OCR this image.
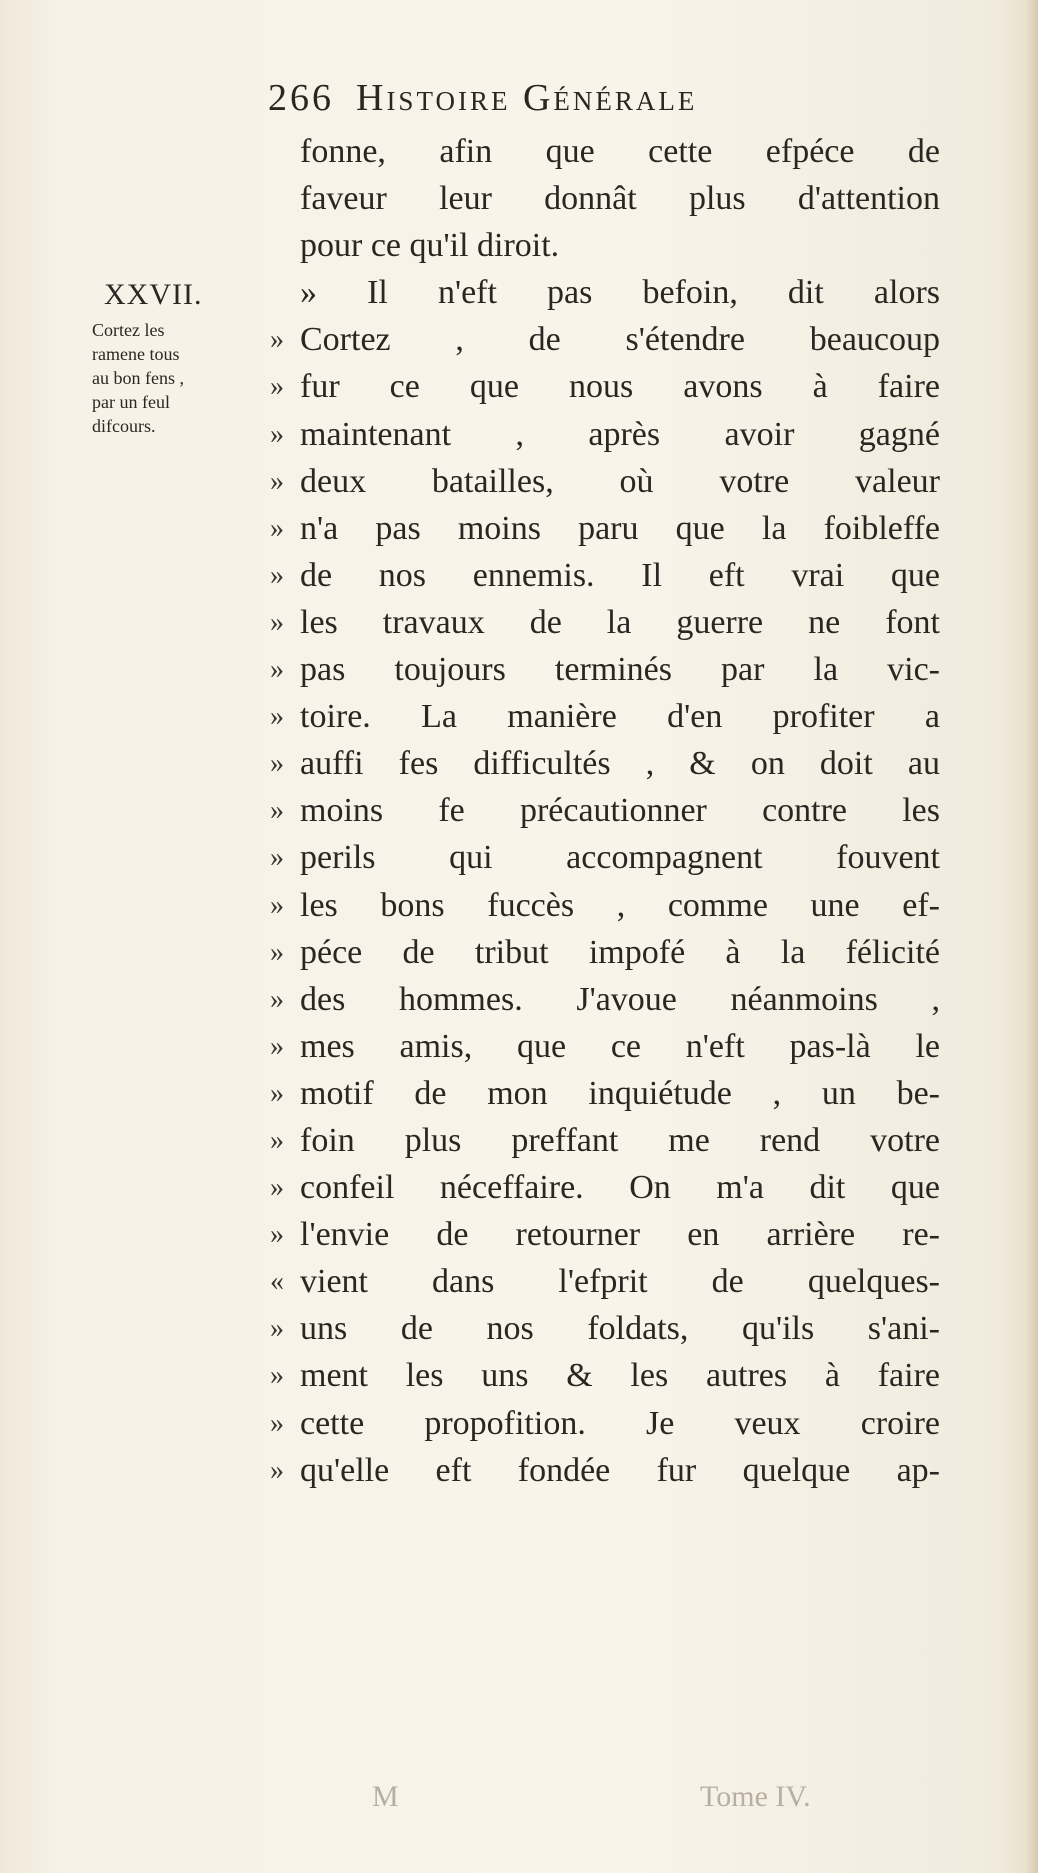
266 Histoire Générale
XXVII.
Cortez les
ramene tous
au bon fens ,
par un feul
difcours.
fonne, afin que cette efpéce de
faveur leur donnât plus d'attention
pour ce qu'il diroit.
» Il n'eft pas befoin, dit alors
» Cortez , de s'étendre beaucoup
» fur ce que nous avons à faire
» maintenant , après avoir gagné
» deux batailles, où votre valeur
» n'a pas moins paru que la foibleffe
» de nos ennemis. Il eft vrai que
» les travaux de la guerre ne font
» pas toujours terminés par la vic-
» toire. La manière d'en profiter a
» auffi fes difficultés , & on doit au
» moins fe précautionner contre les
» perils qui accompagnent fouvent
» les bons fuccès , comme une ef-
» péce de tribut impofé à la félicité
» des hommes. J'avoue néanmoins ,
» mes amis, que ce n'eft pas-là le
» motif de mon inquiétude , un be-
» foin plus preffant me rend votre
» confeil néceffaire. On m'a dit que
» l'envie de retourner en arrière re-
« vient dans l'efprit de quelques-
» uns de nos foldats, qu'ils s'ani-
» ment les uns & les autres à faire
» cette propofition. Je veux croire
» qu'elle eft fondée fur quelque ap-
M	Tome IV.
